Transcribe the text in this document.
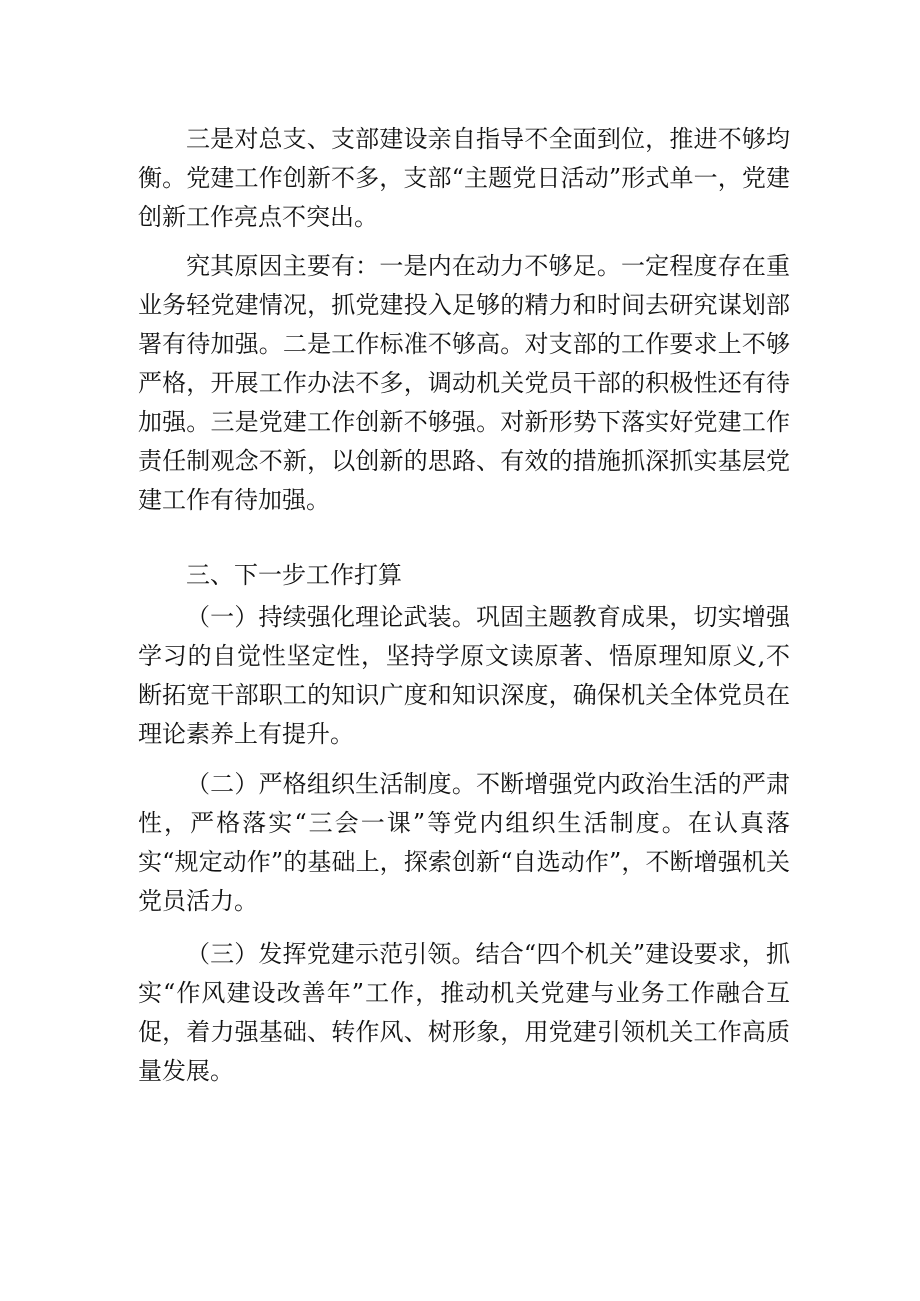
三是对总支、支部建设亲自指导不全面到位，推进不够均衡。党建工作创新不多，支部“主题党日活动”形式单一，党建创新工作亮点不突出。

究其原因主要有：一是内在动力不够足。一定程度存在重业务轻党建情况，抓党建投入足够的精力和时间去研究谋划部署有待加强。二是工作标准不够高。对支部的工作要求上不够严格，开展工作办法不多，调动机关党员干部的积极性还有待加强。三是党建工作创新不够强。对新形势下落实好党建工作责任制观念不新，以创新的思路、有效的措施抓深抓实基层党建工作有待加强。

三、下一步工作打算

（一）持续强化理论武装。巩固主题教育成果，切实增强学习的自觉性坚定性，坚持学原文读原著、悟原理知原义,不断拓宽干部职工的知识广度和知识深度，确保机关全体党员在理论素养上有提升。

（二）严格组织生活制度。不断增强党内政治生活的严肃性，严格落实“三会一课”等党内组织生活制度。在认真落实“规定动作”的基础上，探索创新“自选动作”，不断增强机关党员活力。

（三）发挥党建示范引领。结合“四个机关”建设要求，抓实“作风建设改善年”工作，推动机关党建与业务工作融合互促，着力强基础、转作风、树形象，用党建引领机关工作高质量发展。
